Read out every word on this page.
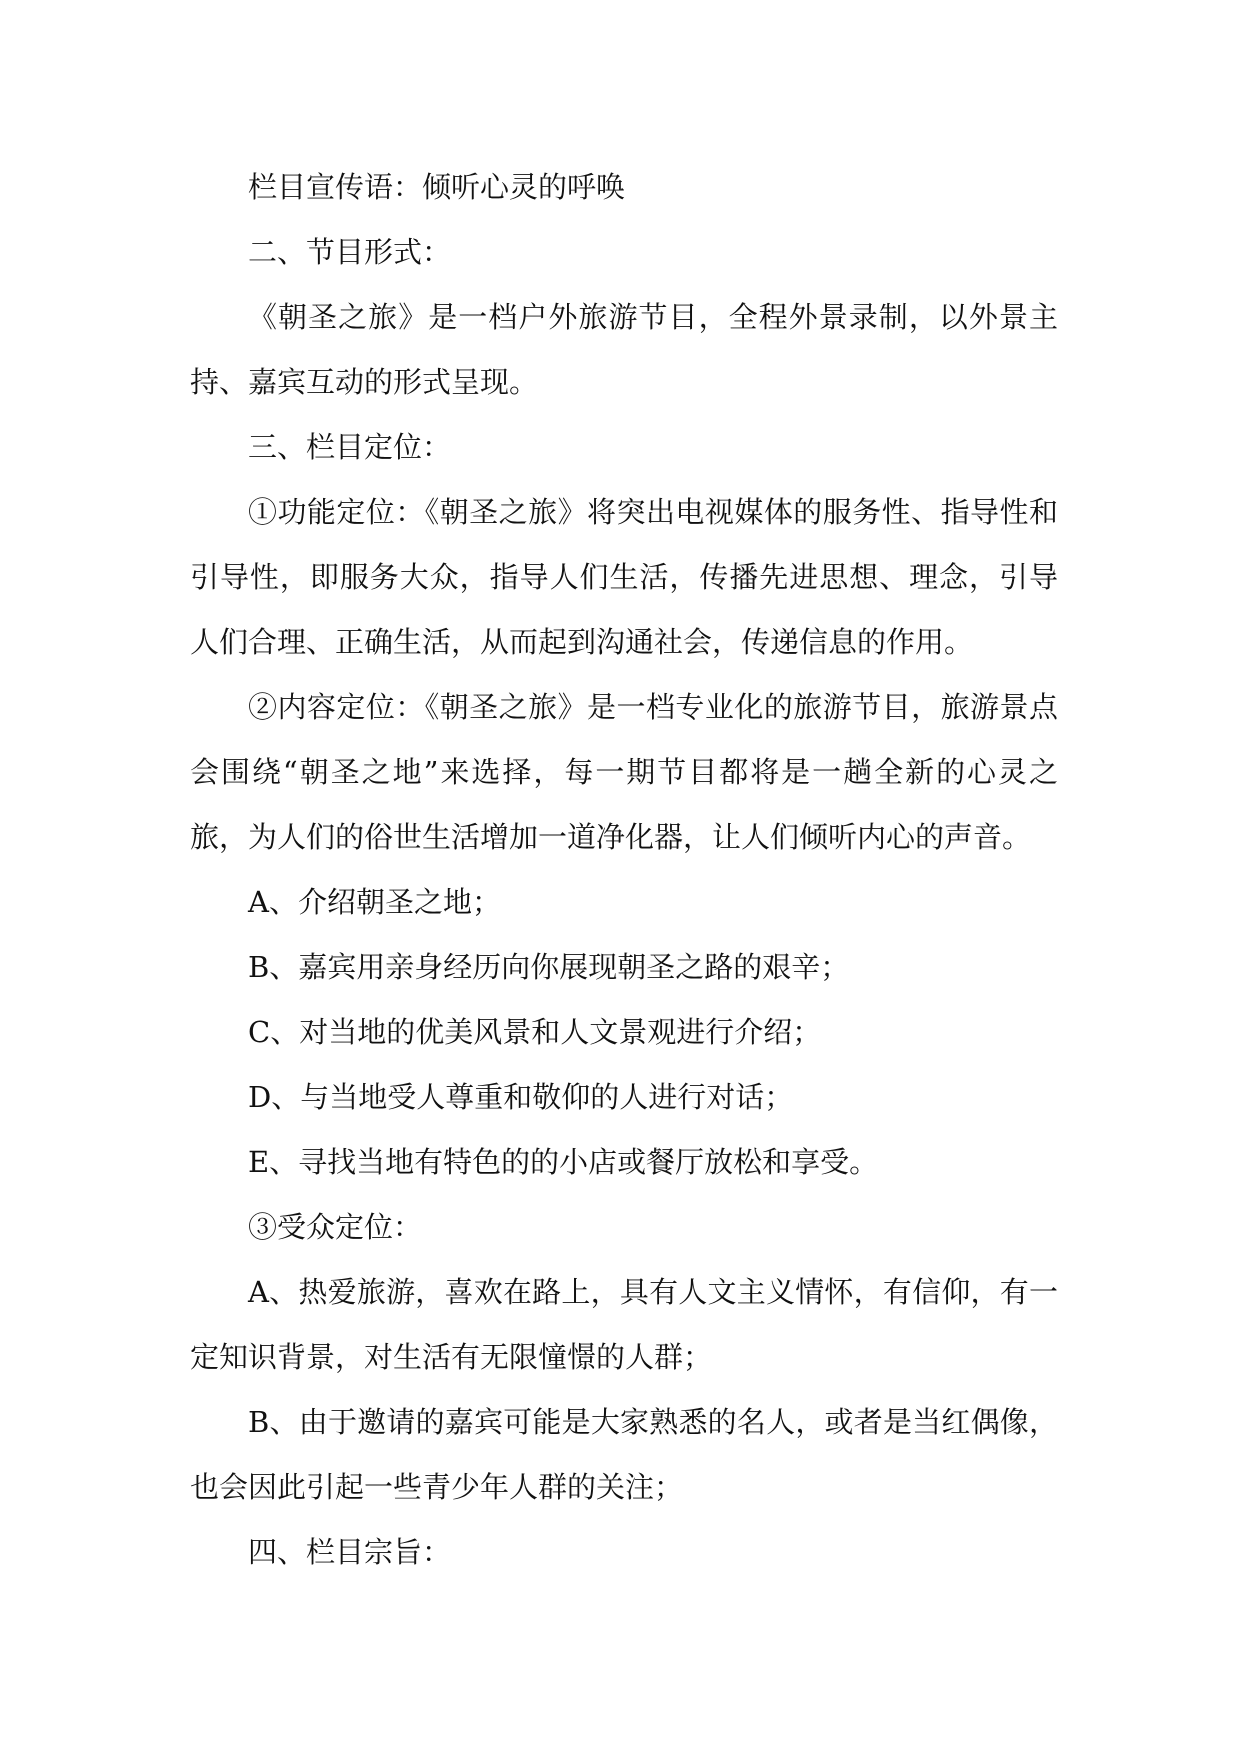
栏目宣传语：倾听心灵的呼唤

二、节目形式：

《朝圣之旅》是一档户外旅游节目，全程外景录制，以外景主持、嘉宾互动的形式呈现。

三、栏目定位：

①功能定位：《朝圣之旅》将突出电视媒体的服务性、指导性和引导性，即服务大众，指导人们生活，传播先进思想、理念，引导人们合理、正确生活，从而起到沟通社会，传递信息的作用。

②内容定位：《朝圣之旅》是一档专业化的旅游节目，旅游景点会围绕“朝圣之地”来选择，每一期节目都将是一趟全新的心灵之旅，为人们的俗世生活增加一道净化器，让人们倾听内心的声音。

A、介绍朝圣之地；

B、嘉宾用亲身经历向你展现朝圣之路的艰辛；

C、对当地的优美风景和人文景观进行介绍；

D、与当地受人尊重和敬仰的人进行对话；

E、寻找当地有特色的的小店或餐厅放松和享受。

③受众定位：

A、热爱旅游，喜欢在路上，具有人文主义情怀，有信仰，有一定知识背景，对生活有无限憧憬的人群；

B、由于邀请的嘉宾可能是大家熟悉的名人，或者是当红偶像，也会因此引起一些青少年人群的关注；

四、栏目宗旨：
